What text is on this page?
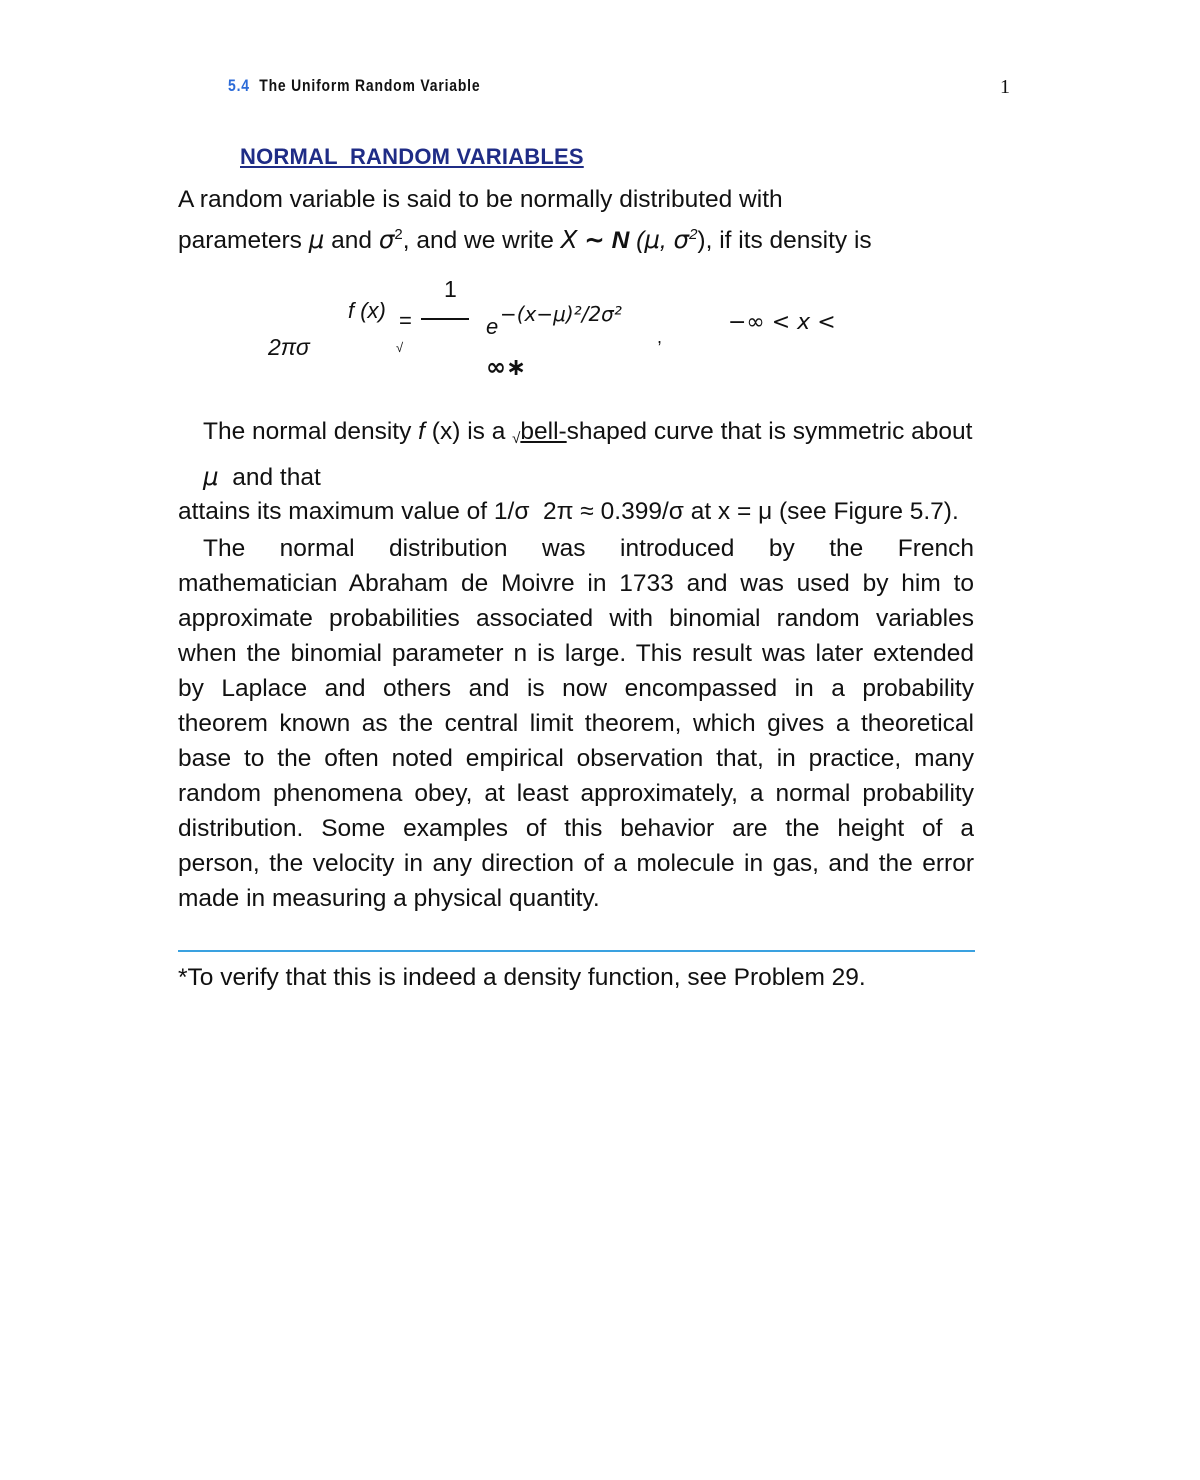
5.4 The Uniform Random Variable	1
NORMAL  RANDOM VARIABLES
A random variable is said to be normally distributed with
parameters μ and $\sigma^2$, and we write X ~ N (μ, $\sigma^2$), if its density is
1
f (x) =	e −(x−μ)²/2σ²
,
−∞ < x <
2πσ	√
∞∗
The normal density f (x) is a √bell-shaped curve that is symmetric about
μ and that
attains its maximum value of 1/σ  2π ≈ 0.399/σ at x = μ (see Figure 5.7).
The normal distribution was introduced by the French
mathematician Abraham de Moivre in 1733 and was used by him to
approximate probabilities associated with binomial random variables
when the binomial parameter n is large. This result was later extended
by Laplace and others and is now encompassed in a probability
theorem known as the central limit theorem, which gives a theoretical
base to the often noted empirical observation that, in practice, many
random phenomena obey, at least approximately, a normal probability
distribution. Some examples of this behavior are the height of a
person, the velocity in any direction of a molecule in gas, and the error
made in measuring a physical quantity.
*To verify that this is indeed a density function, see Problem 29.
